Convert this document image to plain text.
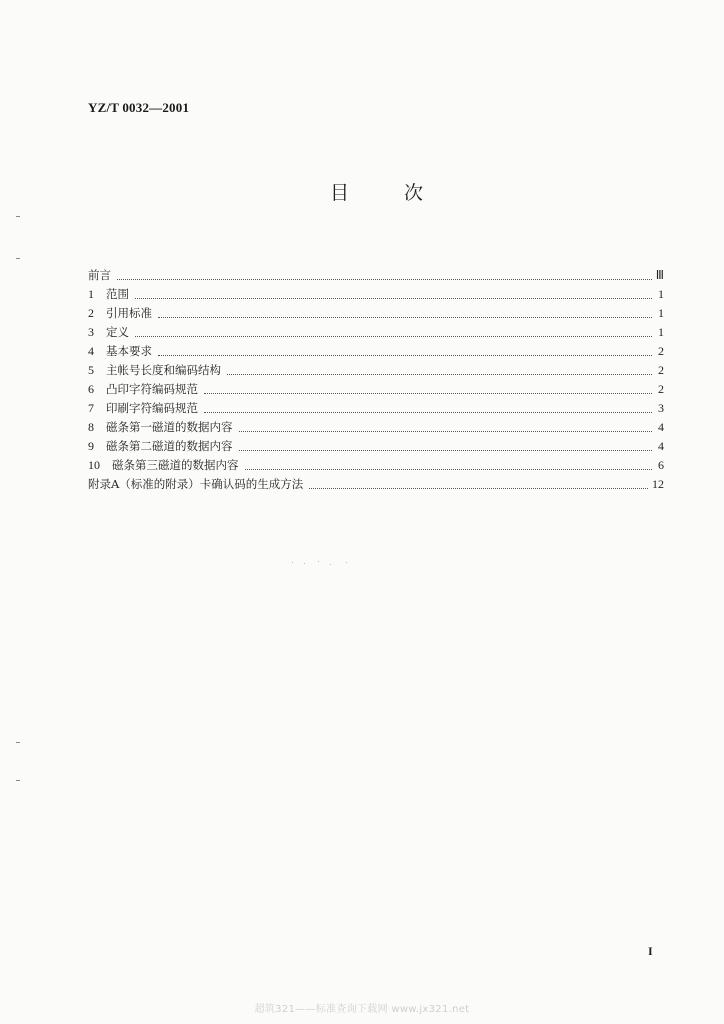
YZ/T 0032—2001
目	次
前言	Ⅲ
1	范围	1
2	引用标准	1
3	定义	1
4	基本要求	2
5	主帐号长度和编码结构	2
6	凸印字符编码规范	2
7	印刷字符编码规范	3
8	磁条第一磁道的数据内容	4
9	磁条第二磁道的数据内容	4
10	磁条第三磁道的数据内容	6
附录A（标准的附录）卡确认码的生成方法	12
I
超筑321——标准查询下载网 www.jx321.net
